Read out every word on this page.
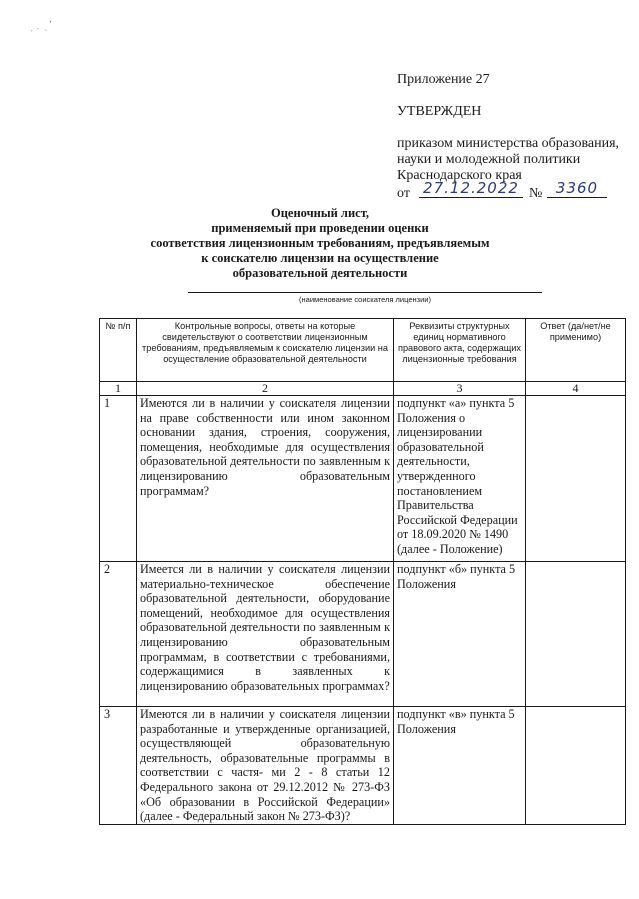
∙ ∙ ˏ ʼ
Приложение 27
УТВЕРЖДЕН
приказом министерства образования, науки и молодежной политики Краснодарского края
от 27.12.2022 № 3360
Оценочный лист,
применяемый при проведении оценки
соответствия лицензионным требованиям, предъявляемым
к соискателю лицензии на осуществление
образовательной деятельности
(наименование соискателя лицензии)
№ п/п	Контрольные вопросы, ответы на которые свидетельствуют о соответствии лицензионным требованиям, предъявляемым к соискателю лицензии на осуществление образовательной деятельности	Реквизиты структурных единиц нормативного правового акта, содержащих лицензионные требования	Ответ (да/нет/не применимо)
1	2	3	4
1	Имеются ли в наличии у соискателя лицензии на праве собственности или ином законном основании здания, строения, сооружения, помещения, необходимые для осуществления образовательной деятельности по заявленным к лицензированию образовательным программам?	подпункт «а» пункта 5 Положения о лицензировании образовательной деятельности, утвержденного постановлением Правительства Российской Федерации от 18.09.2020 № 1490 (далее - Положение)	
2	Имеется ли в наличии у соискателя лицензии материально-техническое обеспечение образовательной деятельности, оборудование помещений, необходимое для осуществления образовательной деятельности по заявленным к лицензированию образовательным программам, в соответствии с требованиями, содержащимися в заявленных к лицензированию образовательных программах?	подпункт «б» пункта 5 Положения	
3	Имеются ли в наличии у соискателя лицензии разработанные и утвержденные организацией, осуществляющей образовательную деятельность, образовательные программы в соответствии с частя- ми 2 - 8 статьи 12 Федерального закона от 29.12.2012 № 273-ФЗ «Об образовании в Российской Федерации» (далее - Федеральный закон № 273-ФЗ)?	подпункт «в» пункта 5 Положения	
